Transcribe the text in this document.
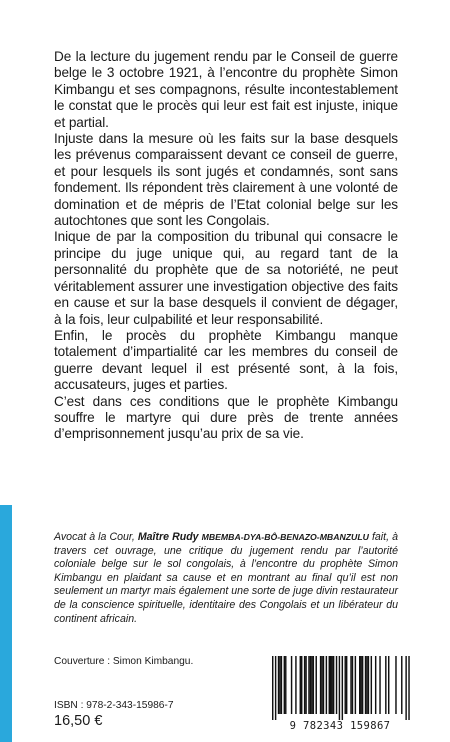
De la lecture du jugement rendu par le Conseil de guerre belge le 3 octobre 1921, à l’encontre du prophète Simon Kimbangu et ses compagnons, résulte incontestablement le constat que le procès qui leur est fait est injuste, inique et partial.

Injuste dans la mesure où les faits sur la base desquels les prévenus comparaissent devant ce conseil de guerre, et pour lesquels ils sont jugés et condamnés, sont sans fondement. Ils répondent très clairement à une volonté de domination et de mépris de l’Etat colonial belge sur les autochtones que sont les Congolais.

Inique de par la composition du tribunal qui consacre le principe du juge unique qui, au regard tant de la personnalité du prophète que de sa notoriété, ne peut véritablement assurer une investigation objective des faits en cause et sur la base desquels il convient de dégager, à la fois, leur culpabilité et leur responsabilité.

Enfin, le procès du prophète Kimbangu manque totalement d’impartialité car les membres du conseil de guerre devant lequel il est présenté sont, à la fois, accusateurs, juges et parties.

C’est dans ces conditions que le prophète Kimbangu souffre le martyre qui dure près de trente années d’emprisonnement jusqu’au prix de sa vie.

Avocat à la Cour, Maître Rudy MBEMBA-DYA-BÔ-BENAZO-MBANZULU fait, à travers cet ouvrage, une critique du jugement rendu par l’autorité coloniale belge sur le sol congolais, à l’encontre du prophète Simon Kimbangu en plaidant sa cause et en montrant au final qu’il est non seulement un martyr mais également une sorte de juge divin restaurateur de la conscience spirituelle, identitaire des Congolais et un libérateur du continent africain.
Couverture : Simon Kimbangu.
ISBN : 978-2-343-15986-7
16,50 €	9 782343 159867
